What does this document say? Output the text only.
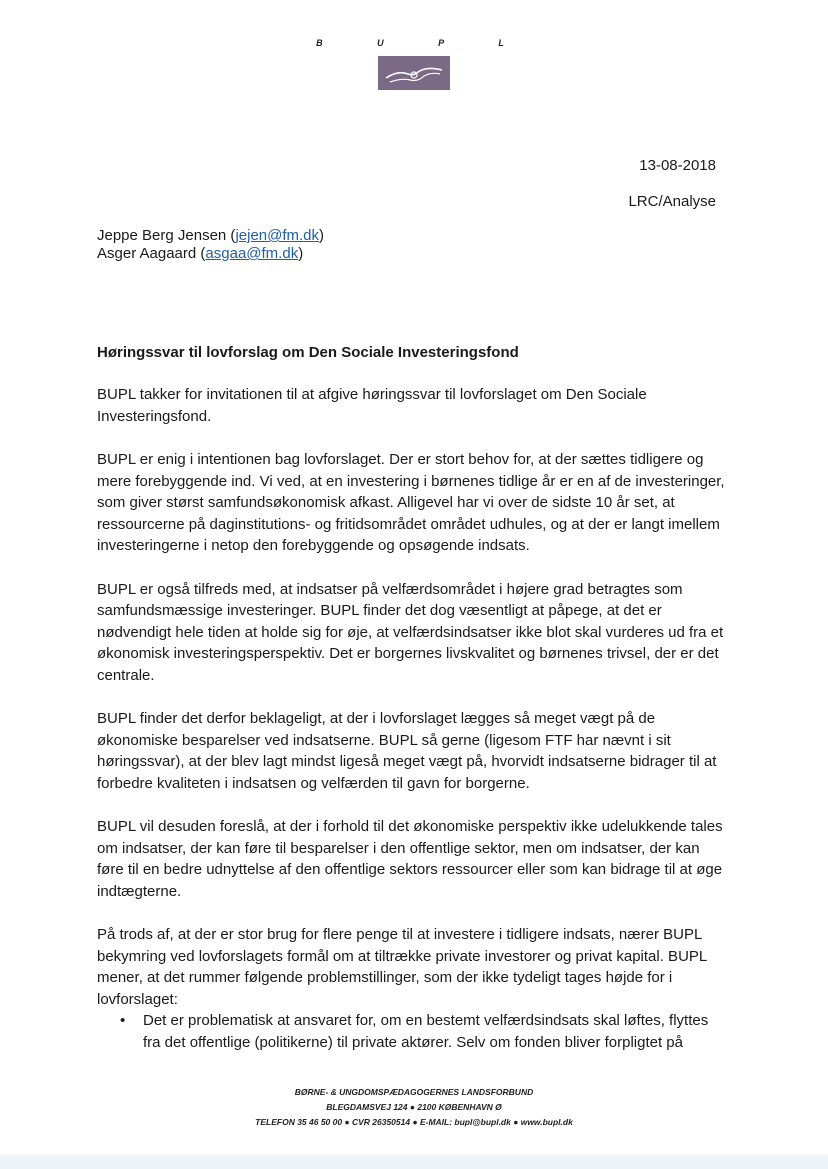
B U P L
13-08-2018
LRC/Analyse
Jeppe Berg Jensen (jejen@fm.dk)
Asger Aagaard (asgaa@fm.dk)
Høringssvar til lovforslag om Den Sociale Investeringsfond

BUPL takker for invitationen til at afgive høringssvar til lovforslaget om Den Sociale Investeringsfond.

BUPL er enig i intentionen bag lovforslaget. Der er stort behov for, at der sættes tidligere og mere forebyggende ind. Vi ved, at en investering i børnenes tidlige år er en af de investeringer, som giver størst samfundsøkonomisk afkast. Alligevel har vi over de sidste 10 år set, at ressourcerne på daginstitutions- og fritidsområdet området udhules, og at der er langt imellem investeringerne i netop den forebyggende og opsøgende indsats.

BUPL er også tilfreds med, at indsatser på velfærdsområdet i højere grad betragtes som samfundsmæssige investeringer. BUPL finder det dog væsentligt at påpege, at det er nødvendigt hele tiden at holde sig for øje, at velfærdsindsatser ikke blot skal vurderes ud fra et økonomisk investeringsperspektiv. Det er borgernes livskvalitet og børnenes trivsel, der er det centrale.

BUPL finder det derfor beklageligt, at der i lovforslaget lægges så meget vægt på de økonomiske besparelser ved indsatserne. BUPL så gerne (ligesom FTF har nævnt i sit høringssvar), at der blev lagt mindst ligeså meget vægt på, hvorvidt indsatserne bidrager til at forbedre kvaliteten i indsatsen og velfærden til gavn for borgerne.

BUPL vil desuden foreslå, at der i forhold til det økonomiske perspektiv ikke udelukkende tales om indsatser, der kan føre til besparelser i den offentlige sektor, men om indsatser, der kan føre til en bedre udnyttelse af den offentlige sektors ressourcer eller som kan bidrage til at øge indtægterne.

På trods af, at der er stor brug for flere penge til at investere i tidligere indsats, nærer BUPL bekymring ved lovforslagets formål om at tiltrække private investorer og privat kapital. BUPL mener, at det rummer følgende problemstillinger, som der ikke tydeligt tages højde for i lovforslaget:

• Det er problematisk at ansvaret for, om en bestemt velfærdsindsats skal løftes, flyttes fra det offentlige (politikerne) til private aktører. Selv om fonden bliver forpligtet på
BØRNE- & UNGDOMSPÆDAGOGERNES LANDSFORBUND
BLEGDAMSVEJ 124 ● 2100 KØBENHAVN Ø
TELEFON 35 46 50 00 ● CVR 26350514 ● E-MAIL: bupl@bupl.dk ● www.bupl.dk
